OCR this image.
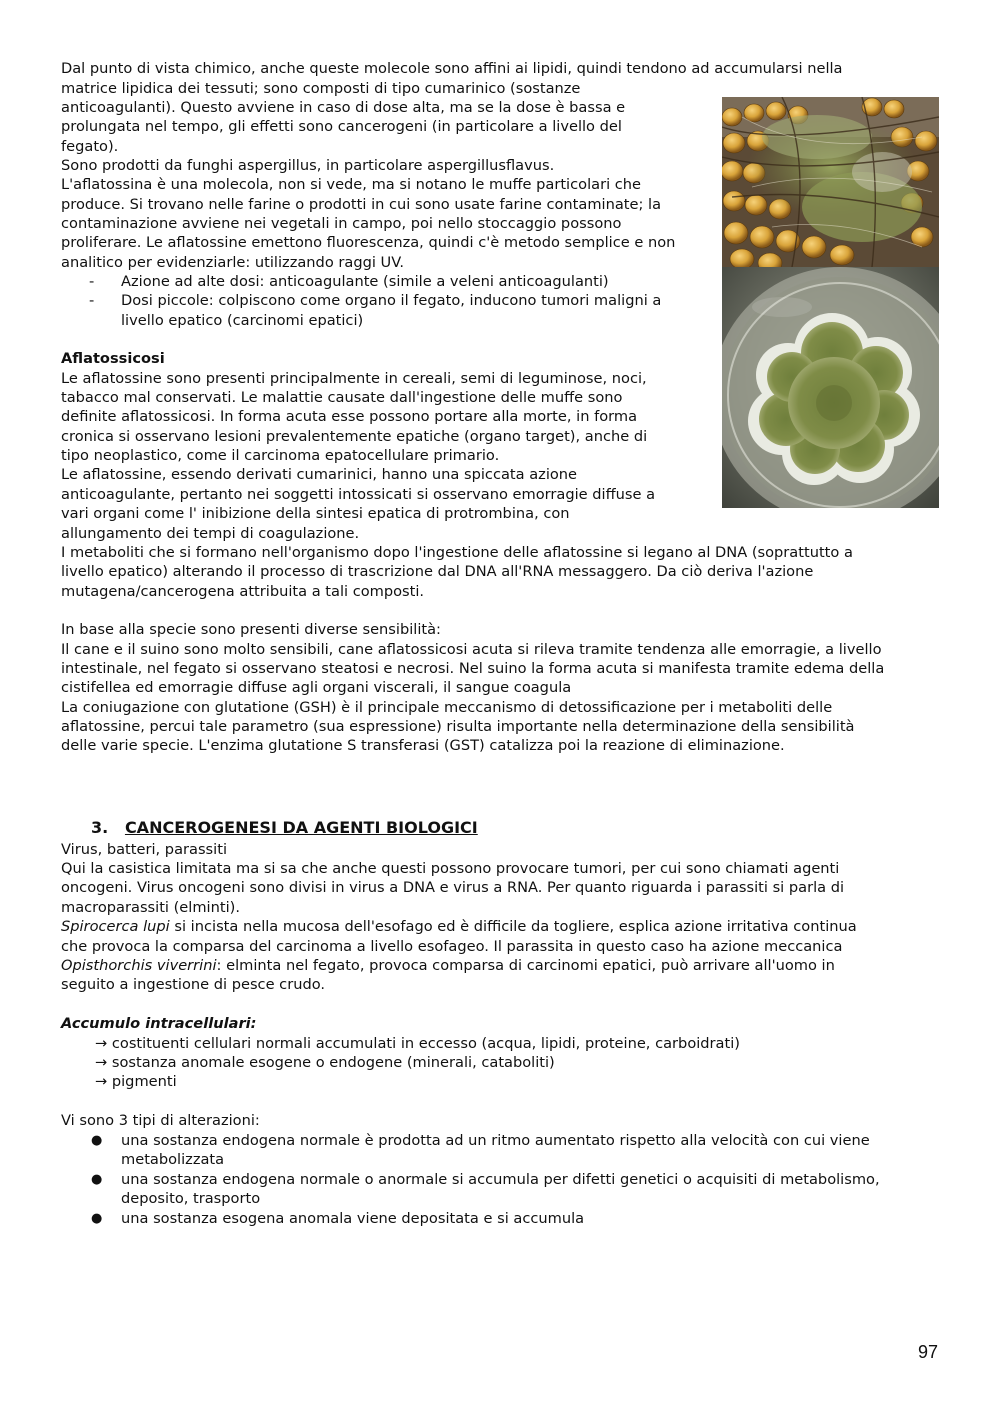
Dal punto di vista chimico, anche queste molecole sono affini ai lipidi, quindi tendono ad accumularsi nella
matrice lipidica dei tessuti; sono composti di tipo cumarinico (sostanze
anticoagulanti). Questo avviene in caso di dose alta, ma se la dose è bassa e
prolungata nel tempo, gli effetti sono cancerogeni (in particolare a livello del
fegato).
Sono prodotti da funghi aspergillus, in particolare aspergillusflavus.
L'aflatossina è una molecola, non si vede, ma si notano le muffe particolari che
produce. Si trovano nelle farine o prodotti in cui sono usate farine contaminate; la
contaminazione avviene nei vegetali in campo, poi nello stoccaggio possono
proliferare. Le aflatossine emettono fluorescenza, quindi c'è metodo semplice e non
analitico per evidenziarle: utilizzando raggi UV.
- Azione ad alte dosi: anticoagulante (simile a veleni anticoagulanti)
- Dosi piccole: colpiscono come organo il fegato, inducono tumori maligni a
livello epatico (carcinomi epatici)
Aflatossicosi
Le aflatossine sono presenti principalmente in cereali, semi di leguminose, noci,
tabacco mal conservati. Le malattie causate dall'ingestione delle muffe sono
definite aflatossicosi. In forma acuta esse possono portare alla morte, in forma
cronica si osservano lesioni prevalentemente epatiche (organo target), anche di
tipo neoplastico, come il carcinoma epatocellulare primario.
Le aflatossine, essendo derivati cumarinici, hanno una spiccata azione
anticoagulante, pertanto nei soggetti intossicati si osservano emorragie diffuse a
vari organi come l' inibizione della sintesi epatica di protrombina, con
allungamento dei tempi di coagulazione.
I metaboliti che si formano nell'organismo dopo l'ingestione delle aflatossine si legano al DNA (soprattutto a
livello epatico) alterando il processo di trascrizione dal DNA all'RNA messaggero. Da ciò deriva l'azione
mutagena/cancerogena attribuita a tali composti.
In base alla specie sono presenti diverse sensibilità:
Il cane e il suino sono molto sensibili, cane aflatossicosi acuta si rileva tramite tendenza alle emorragie, a livello
intestinale, nel fegato si osservano steatosi e necrosi. Nel suino la forma acuta si manifesta tramite edema della
cistifellea ed emorragie diffuse agli organi viscerali, il sangue coagula
La coniugazione con glutatione (GSH) è il principale meccanismo di detossificazione per i metaboliti delle
aflatossine, percui tale parametro (sua espressione) risulta importante nella determinazione della sensibilità
delle varie specie. L'enzima glutatione S transferasi (GST) catalizza poi la reazione di eliminazione.
3. CANCEROGENESI DA AGENTI BIOLOGICI
Virus, batteri, parassiti
Qui la casistica limitata ma si sa che anche questi possono provocare tumori, per cui sono chiamati agenti
oncogeni. Virus oncogeni sono divisi in virus a DNA e virus a RNA. Per quanto riguarda i parassiti si parla di
macroparassiti (elminti).
Spirocerca lupi si incista nella mucosa dell'esofago ed è difficile da togliere, esplica azione irritativa continua
che provoca la comparsa del carcinoma a livello esofageo. Il parassita in questo caso ha azione meccanica
Opisthorchis viverrini: elminta nel fegato, provoca comparsa di carcinomi epatici, può arrivare all'uomo in
seguito a ingestione di pesce crudo.
Accumulo intracellulari:
→ costituenti cellulari normali accumulati in eccesso (acqua, lipidi, proteine, carboidrati)
→ sostanza anomale esogene o endogene (minerali, cataboliti)
→ pigmenti
Vi sono 3 tipi di alterazioni:
● una sostanza endogena normale è prodotta ad un ritmo aumentato rispetto alla velocità con cui viene
metabolizzata
● una sostanza endogena normale o anormale si accumula per difetti genetici o acquisiti di metabolismo,
deposito, trasporto
● una sostanza esogena anomala viene depositata e si accumula
97
